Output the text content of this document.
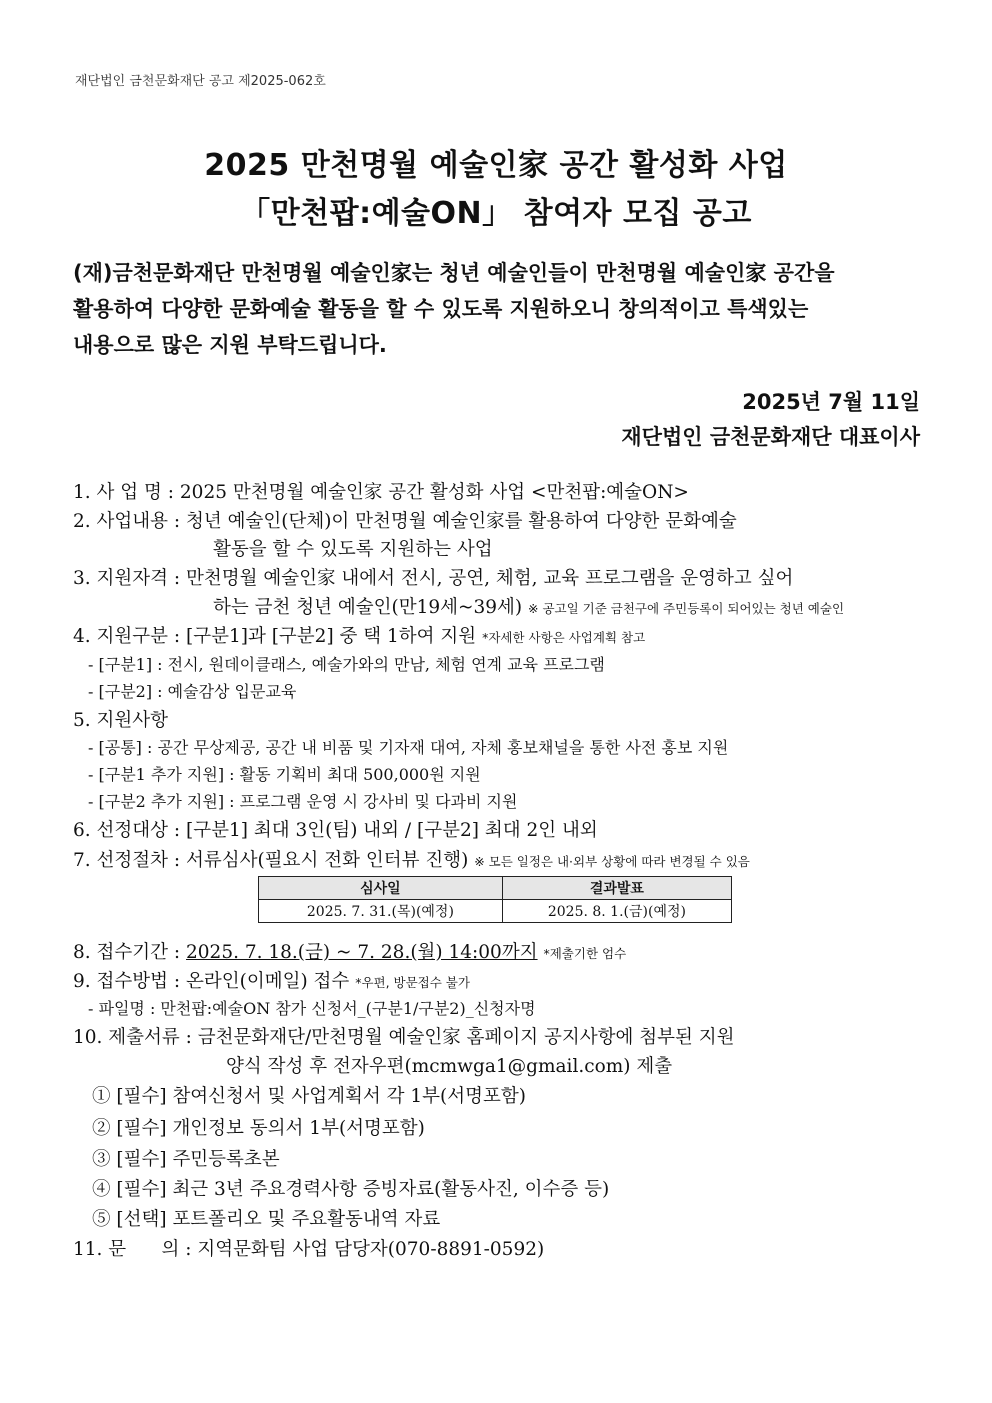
재단법인 금천문화재단 공고 제2025-062호
2025 만천명월 예술인家 공간 활성화 사업
「만천팝:예술ON」 참여자 모집 공고

(재)금천문화재단 만천명월 예술인家는 청년 예술인들이 만천명월 예술인家 공간을

활용하여 다양한 문화예술 활동을 할 수 있도록 지원하오니 창의적이고 특색있는

내용으로 많은 지원 부탁드립니다.

2025년 7월 11일
재단법인 금천문화재단 대표이사
1. 사 업 명 : 2025 만천명월 예술인家 공간 활성화 사업 <만천팝:예술ON>
2. 사업내용 : 청년 예술인(단체)이 만천명월 예술인家를 활용하여 다양한 문화예술
활동을 할 수 있도록 지원하는 사업
3. 지원자격 : 만천명월 예술인家 내에서 전시, 공연, 체험, 교육 프로그램을 운영하고 싶어
하는 금천 청년 예술인(만19세~39세) ※ 공고일 기준 금천구에 주민등록이 되어있는 청년 예술인
4. 지원구분 : [구분1]과 [구분2] 중 택 1하여 지원 *자세한 사항은 사업계획 참고
- [구분1] : 전시, 원데이클래스, 예술가와의 만남, 체험 연계 교육 프로그램
- [구분2] : 예술감상 입문교육
5. 지원사항
- [공통] : 공간 무상제공, 공간 내 비품 및 기자재 대여, 자체 홍보채널을 통한 사전 홍보 지원
- [구분1 추가 지원] : 활동 기획비 최대 500,000원 지원
- [구분2 추가 지원] : 프로그램 운영 시 강사비 및 다과비 지원
6. 선정대상 : [구분1] 최대 3인(팀) 내외 / [구분2] 최대 2인 내외
7. 선정절차 : 서류심사(필요시 전화 인터뷰 진행) ※ 모든 일정은 내·외부 상황에 따라 변경될 수 있음
심사일	결과발표
2025. 7. 31.(목)(예정)	2025. 8. 1.(금)(예정)
8. 접수기간 : 2025. 7. 18.(금) ~ 7. 28.(월) 14:00까지 *제출기한 엄수
9. 접수방법 : 온라인(이메일) 접수 *우편, 방문접수 불가
- 파일명 : 만천팝:예술ON 참가 신청서_(구분1/구분2)_신청자명
10. 제출서류 : 금천문화재단/만천명월 예술인家 홈페이지 공지사항에 첨부된 지원
양식 작성 후 전자우편(mcmwga1@gmail.com) 제출
① [필수] 참여신청서 및 사업계획서 각 1부(서명포함)
② [필수] 개인정보 동의서 1부(서명포함)
③ [필수] 주민등록초본
④ [필수] 최근 3년 주요경력사항 증빙자료(활동사진, 이수증 등)
⑤ [선택] 포트폴리오 및 주요활동내역 자료
11. 문      의 : 지역문화팀 사업 담당자(070-8891-0592)
